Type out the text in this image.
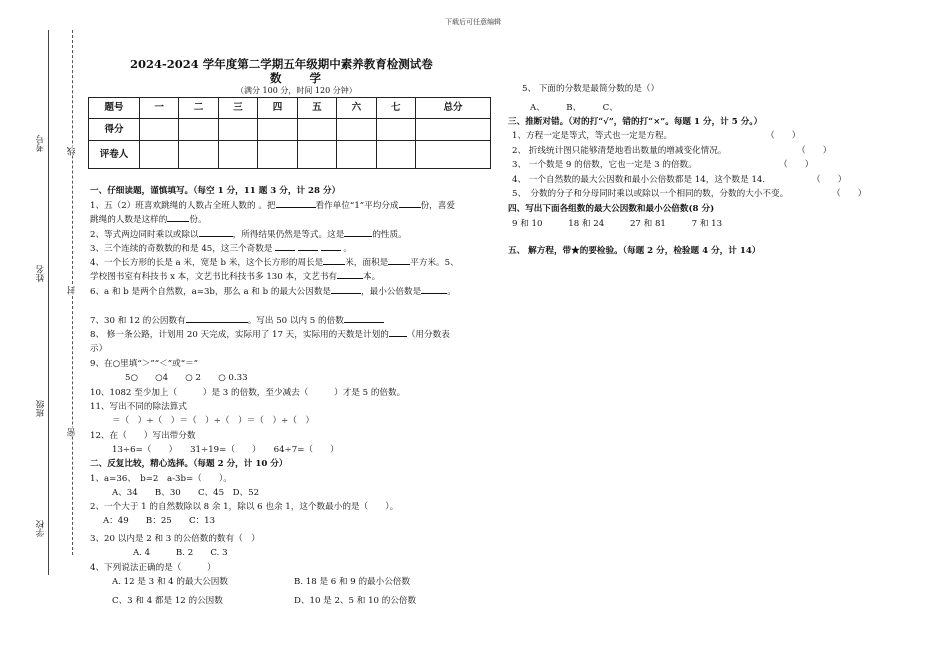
下载后可任意编辑
考号 线
姓名
封
班级
密
学校
2024-2024 学年度第二学期五年级期中素养教育检测试卷
数 学
（满分 100 分，时间 120 分钟）
题号	一	二	三	四	五	六	七	总分
得分								
评卷人								
一、仔细读题，谨慎填写。（每空 1 分，11 题 3 分，计 28 分）
1、五（2）班喜欢跳绳的人数占全班人数的 。把	看作单位“1”平均分成	份，喜爱
跳绳的人数是这样的	份。
2、等式两边同时乘以或除以	，所得结果仍然是等式。这是	的性质。
3、三个连续的奇数数的和是 45，这三个奇数是	。
4、一个长方形的长是 a 米，宽是 b 米，这个长方形的周长是	米，面积是	平方米。5、
学校图书室有科技书 x 本，文艺书比科技书多 130 本，文艺书有	本。
6、a 和 b 是两个自然数，a=3b，那么 a 和 b 的最大公因数是	，最小公倍数是	。
7、30 和 12 的公因数有	。写出 50 以内 5 的倍数
8、 修一条公路，计划用 20 天完成，实际用了 17 天，实际用的天数是计划的 （用分数表
示）
9、在○里填“＞”“＜”或“＝”
5○　　○4　　○ 2　　○ 0.33
10、1082 至少加上（　　　）是 3 的倍数，至少减去（　　　）才是 5 的倍数。
11、写出不同的除法算式
＝（　）÷（　）＝（　）÷（　）＝（　）÷（　）
12、在（　　）写出带分数
13÷6=（　　）　　31÷19=（　　）　　64÷7=（　　）
二、反复比较，精心选择。（每题 2 分，计 10 分）
1、a=36、　b=2　a-3b=（　　）。
A、34　　B、30　　C、45　D、52
2、一个大于 1 的自然数除以 8 余 1，除以 6 也余 1，这个数最小的是（　　）。
A：49　　B：25　　C：13
3、20 以内是 2 和 3 的公倍数的数有（　）
A. 4　　　B. 2　　C. 3
4、下列说法正确的是（　　　）
A. 12 是 3 和 4 的最大公因数	B. 18 是 6 和 9 的最小公倍数
C、3 和 4 都是 12 的公因数	D、10 是 2、5 和 10 的公倍数
5、 下面的分数是最简分数的是（）
A、　　　B、　　　C、
三、推断对错。（对的打“√”，错的打“×”。每题 1 分，计 5 分。）
1、方程一定是等式，等式也一定是方程。	（　　）
2、 折线统计图只能够清楚地看出数量的增减变化情况。	（　　）
3、 一个数是 9 的倍数，它也一定是 3 的倍数。	（　　）
4、 一个自然数的最大公因数和最小公倍数都是 14，这个数是 14.	（　　）
5、　分数的分子和分母同时乘以或除以一个相同的数，分数的大小不变。	（　　）
四、写出下面各组数的最大公因数和最小公倍数(8 分)
9 和 10　　　18 和 24　　　27 和 81　　　7 和 13
五、 解方程，带★的要检验。（每题 2 分，检验题 4 分，计 14）
